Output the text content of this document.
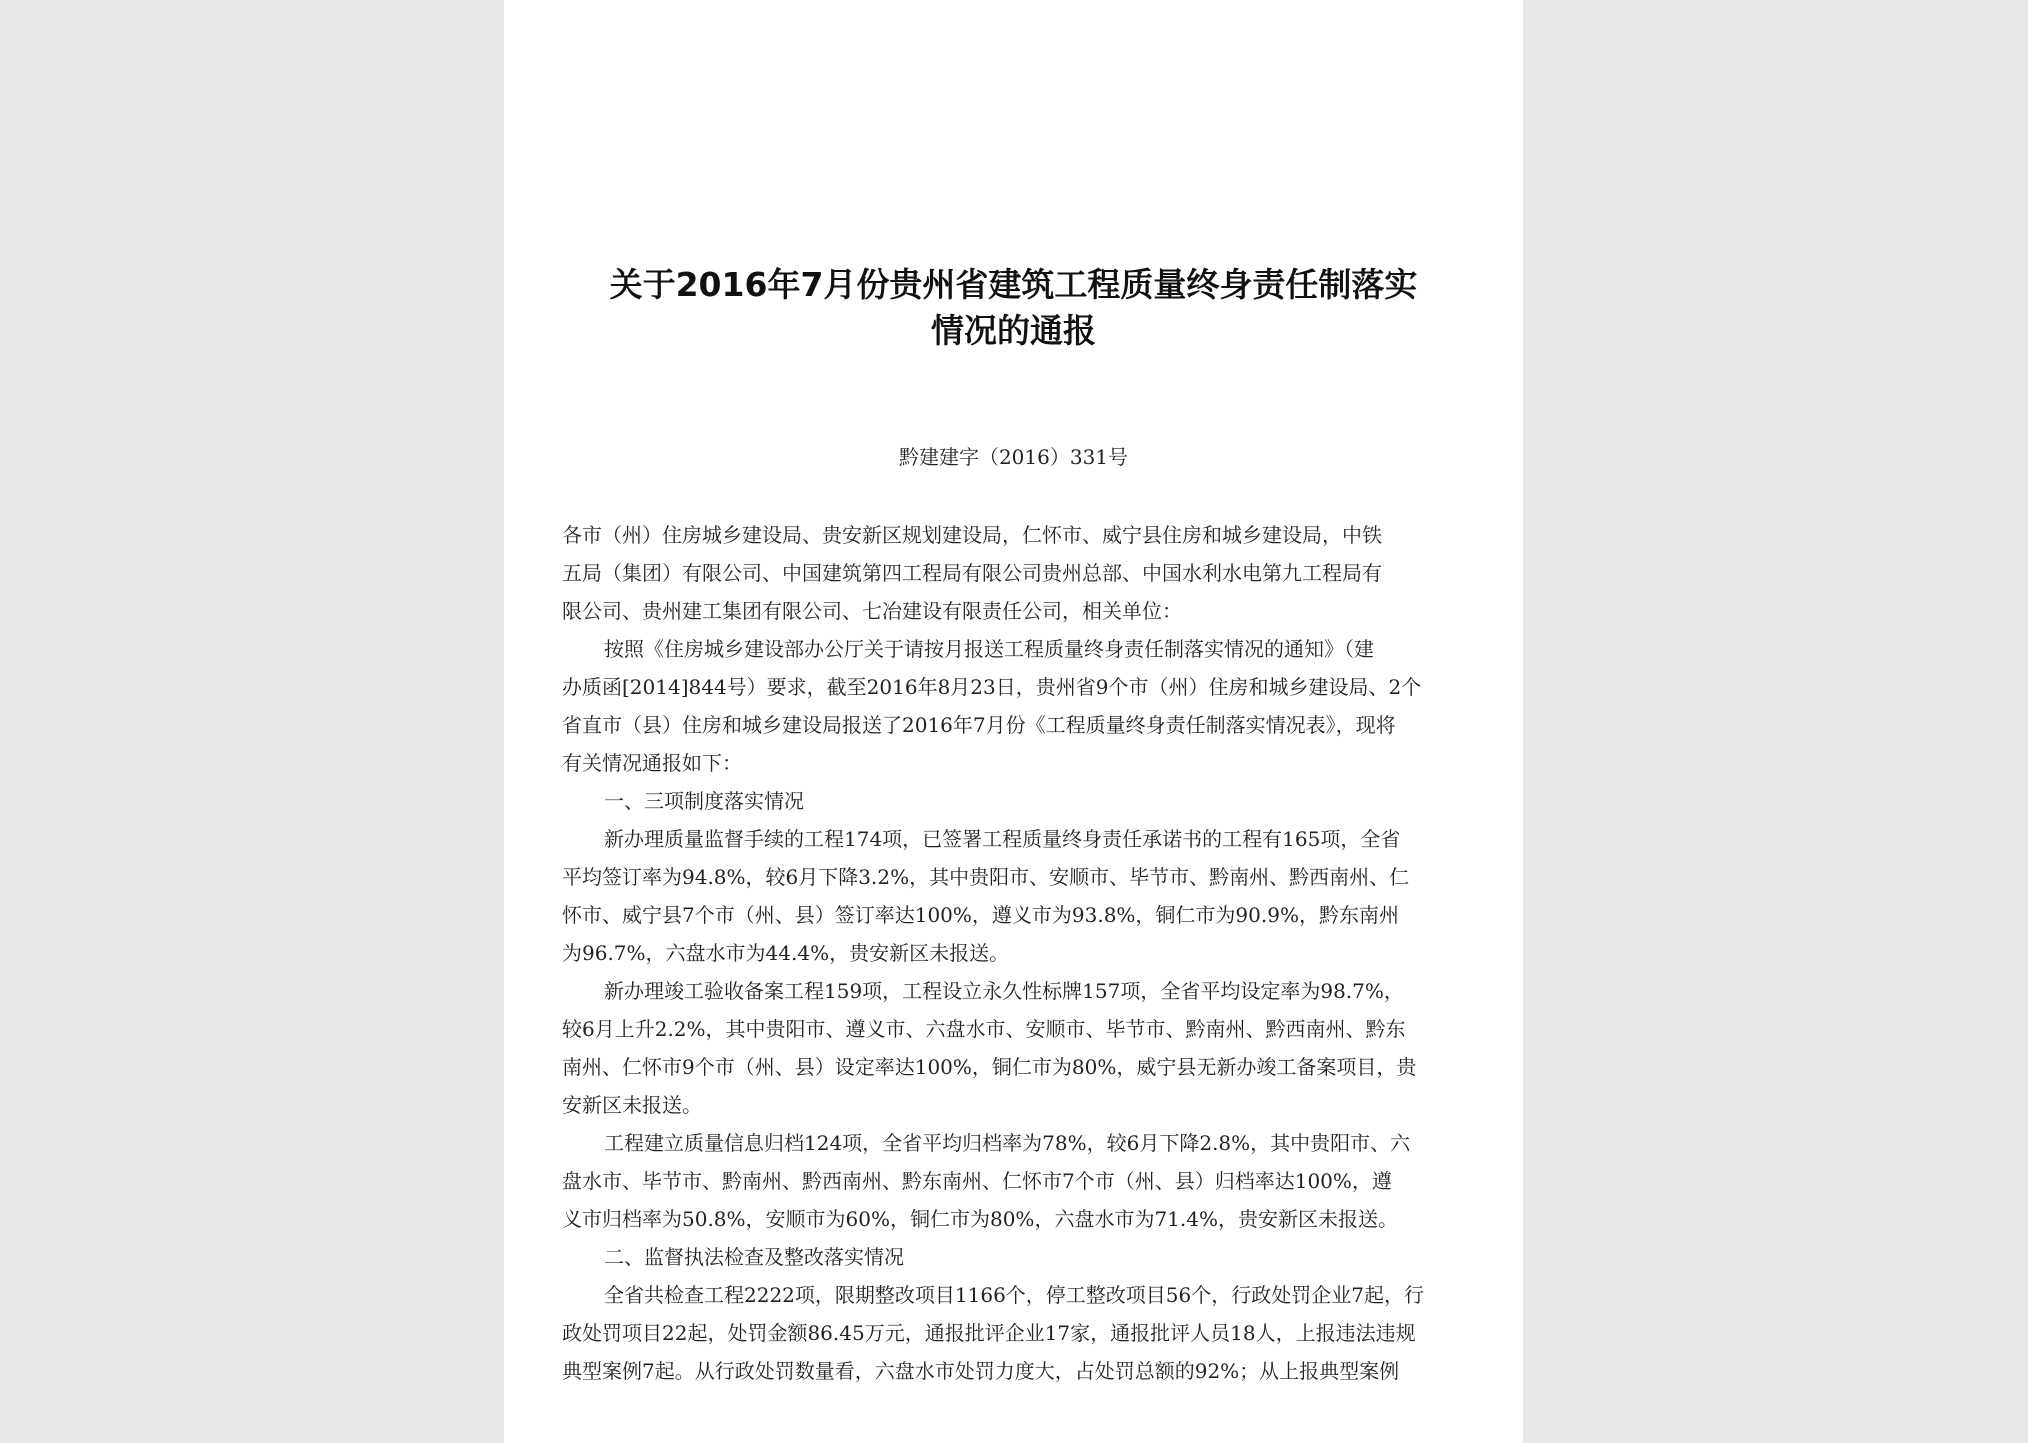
关于2016年7月份贵州省建筑工程质量终身责任制落实
情况的通报
黔建建字（2016）331号
各市（州）住房城乡建设局、贵安新区规划建设局，仁怀市、威宁县住房和城乡建设局，中铁
五局（集团）有限公司、中国建筑第四工程局有限公司贵州总部、中国水利水电第九工程局有
限公司、贵州建工集团有限公司、七冶建设有限责任公司，相关单位：
按照《住房城乡建设部办公厅关于请按月报送工程质量终身责任制落实情况的通知》（建
办质函[2014]844号）要求，截至2016年8月23日，贵州省9个市（州）住房和城乡建设局、2个
省直市（县）住房和城乡建设局报送了2016年7月份《工程质量终身责任制落实情况表》，现将
有关情况通报如下：
一、三项制度落实情况
新办理质量监督手续的工程174项，已签署工程质量终身责任承诺书的工程有165项，全省
平均签订率为94.8%，较6月下降3.2%，其中贵阳市、安顺市、毕节市、黔南州、黔西南州、仁
怀市、威宁县7个市（州、县）签订率达100%，遵义市为93.8%，铜仁市为90.9%，黔东南州
为96.7%，六盘水市为44.4%，贵安新区未报送。
新办理竣工验收备案工程159项，工程设立永久性标牌157项，全省平均设定率为98.7%，
较6月上升2.2%，其中贵阳市、遵义市、六盘水市、安顺市、毕节市、黔南州、黔西南州、黔东
南州、仁怀市9个市（州、县）设定率达100%，铜仁市为80%，威宁县无新办竣工备案项目，贵
安新区未报送。
工程建立质量信息归档124项，全省平均归档率为78%，较6月下降2.8%，其中贵阳市、六
盘水市、毕节市、黔南州、黔西南州、黔东南州、仁怀市7个市（州、县）归档率达100%，遵
义市归档率为50.8%，安顺市为60%，铜仁市为80%，六盘水市为71.4%，贵安新区未报送。
二、监督执法检查及整改落实情况
全省共检查工程2222项，限期整改项目1166个，停工整改项目56个，行政处罚企业7起，行
政处罚项目22起，处罚金额86.45万元，通报批评企业17家，通报批评人员18人，上报违法违规
典型案例7起。从行政处罚数量看，六盘水市处罚力度大，占处罚总额的92%；从上报典型案例
